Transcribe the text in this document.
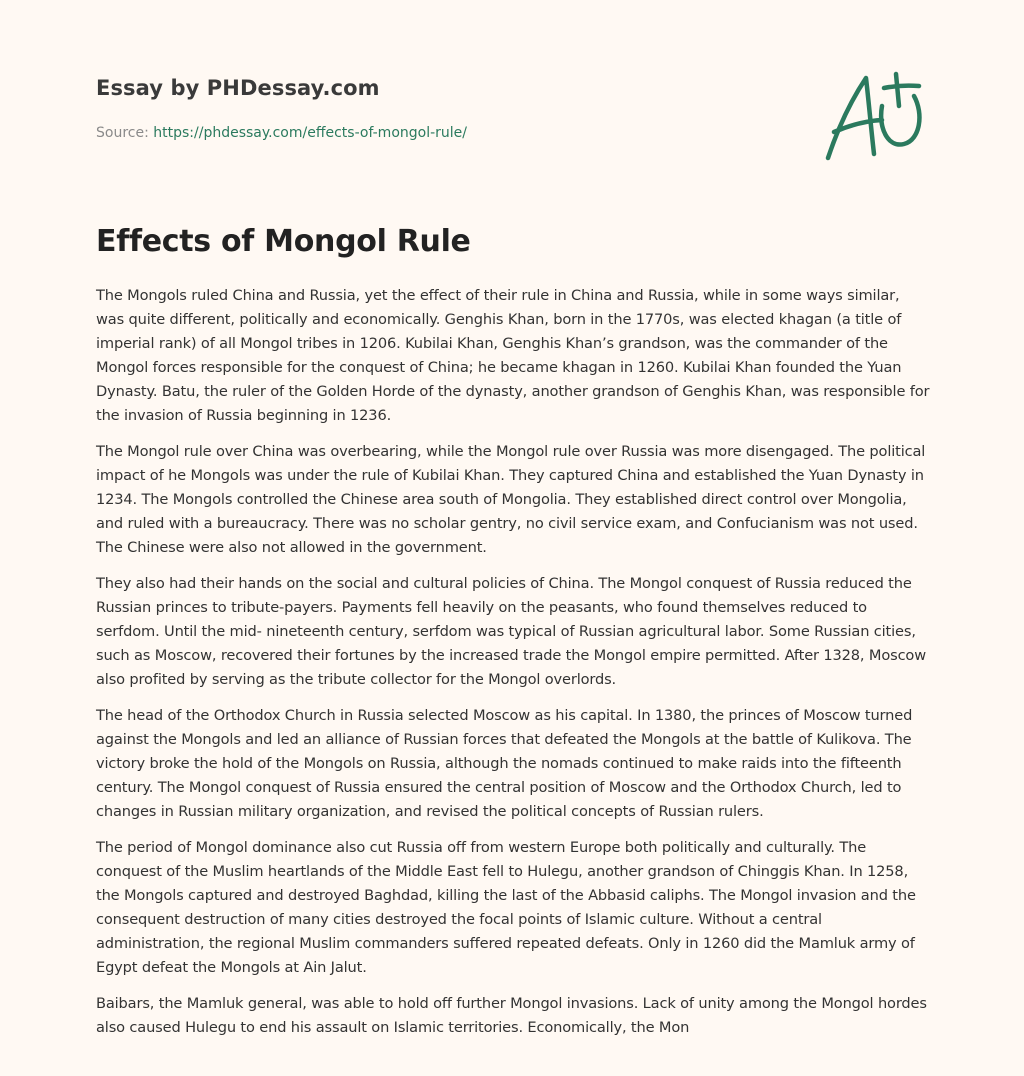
Essay by PHDessay.com
Source: https://phdessay.com/effects-of-mongol-rule/
Effects of Mongol Rule

The Mongols ruled China and Russia, yet the effect of their rule in China and Russia, while in some ways similar, was quite different, politically and economically. Genghis Khan, born in the 1770s, was elected khagan (a title of imperial rank) of all Mongol tribes in 1206. Kubilai Khan, Genghis Khan’s grandson, was the commander of the Mongol forces responsible for the conquest of China; he became khagan in 1260. Kubilai Khan founded the Yuan Dynasty. Batu, the ruler of the Golden Horde of the dynasty, another grandson of Genghis Khan, was responsible for the invasion of Russia beginning in 1236.

The Mongol rule over China was overbearing, while the Mongol rule over Russia was more disengaged. The political impact of he Mongols was under the rule of Kubilai Khan. They captured China and established the Yuan Dynasty in 1234. The Mongols controlled the Chinese area south of Mongolia. They established direct control over Mongolia, and ruled with a bureaucracy. There was no scholar gentry, no civil service exam, and Confucianism was not used. The Chinese were also not allowed in the government.

They also had their hands on the social and cultural policies of China. The Mongol conquest of Russia reduced the Russian princes to tribute-payers. Payments fell heavily on the peasants, who found themselves reduced to serfdom. Until the mid- nineteenth century, serfdom was typical of Russian agricultural labor. Some Russian cities, such as Moscow, recovered their fortunes by the increased trade the Mongol empire permitted. After 1328, Moscow also profited by serving as the tribute collector for the Mongol overlords.

The head of the Orthodox Church in Russia selected Moscow as his capital. In 1380, the princes of Moscow turned against the Mongols and led an alliance of Russian forces that defeated the Mongols at the battle of Kulikova. The victory broke the hold of the Mongols on Russia, although the nomads continued to make raids into the fifteenth century. The Mongol conquest of Russia ensured the central position of Moscow and the Orthodox Church, led to changes in Russian military organization, and revised the political concepts of Russian rulers.

The period of Mongol dominance also cut Russia off from western Europe both politically and culturally. The conquest of the Muslim heartlands of the Middle East fell to Hulegu, another grandson of Chinggis Khan. In 1258, the Mongols captured and destroyed Baghdad, killing the last of the Abbasid caliphs. The Mongol invasion and the consequent destruction of many cities destroyed the focal points of Islamic culture. Without a central administration, the regional Muslim commanders suffered repeated defeats. Only in 1260 did the Mamluk army of Egypt defeat the Mongols at Ain Jalut.

Baibars, the Mamluk general, was able to hold off further Mongol invasions. Lack of unity among the Mongol hordes also caused Hulegu to end his assault on Islamic territories. Economically, the Mon
